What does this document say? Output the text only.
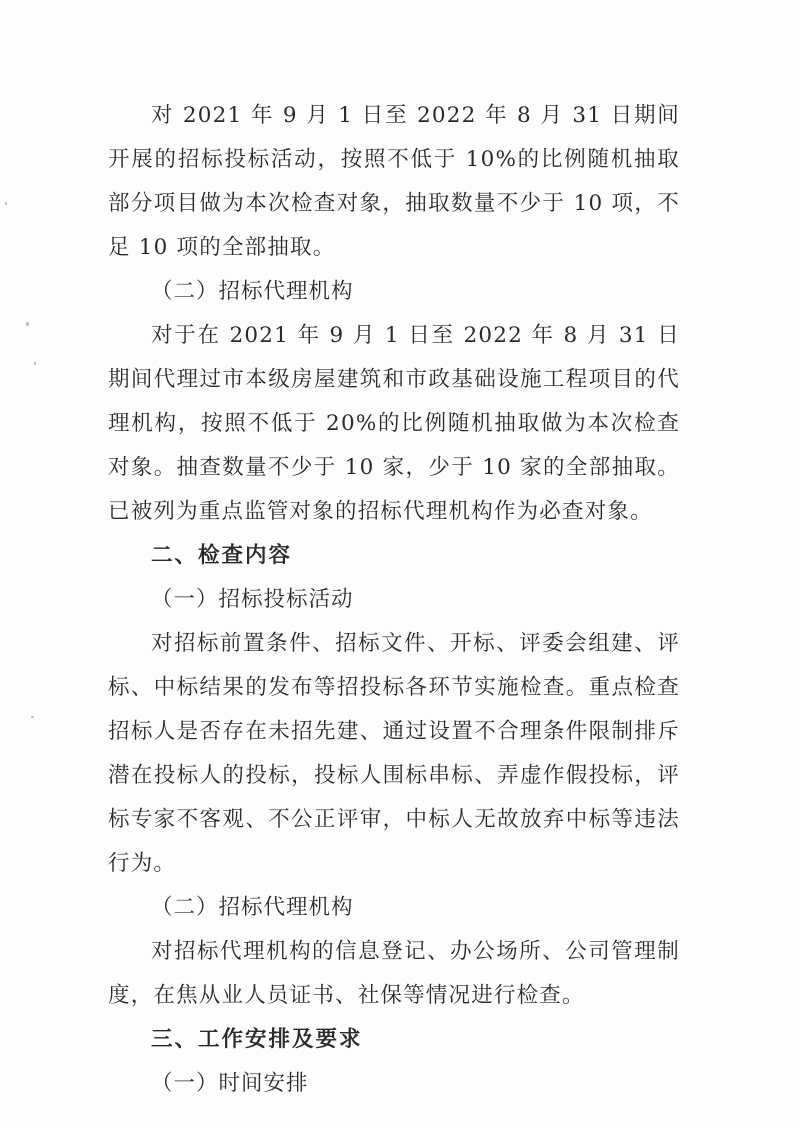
对 2021 年 9 月 1 日至 2022 年 8 月 31 日期间开展的招标投标活动，按照不低于 10%的比例随机抽取部分项目做为本次检查对象，抽取数量不少于 10 项，不足 10 项的全部抽取。

（二）招标代理机构

对于在 2021 年 9 月 1 日至 2022 年 8 月 31 日期间代理过市本级房屋建筑和市政基础设施工程项目的代理机构，按照不低于 20%的比例随机抽取做为本次检查对象。抽查数量不少于 10 家，少于 10 家的全部抽取。已被列为重点监管对象的招标代理机构作为必查对象。

二、检查内容

（一）招标投标活动

对招标前置条件、招标文件、开标、评委会组建、评标、中标结果的发布等招投标各环节实施检查。重点检查招标人是否存在未招先建、通过设置不合理条件限制排斥潜在投标人的投标，投标人围标串标、弄虚作假投标，评标专家不客观、不公正评审，中标人无故放弃中标等违法行为。

（二）招标代理机构

对招标代理机构的信息登记、办公场所、公司管理制度，在焦从业人员证书、社保等情况进行检查。

三、工作安排及要求

（一）时间安排
